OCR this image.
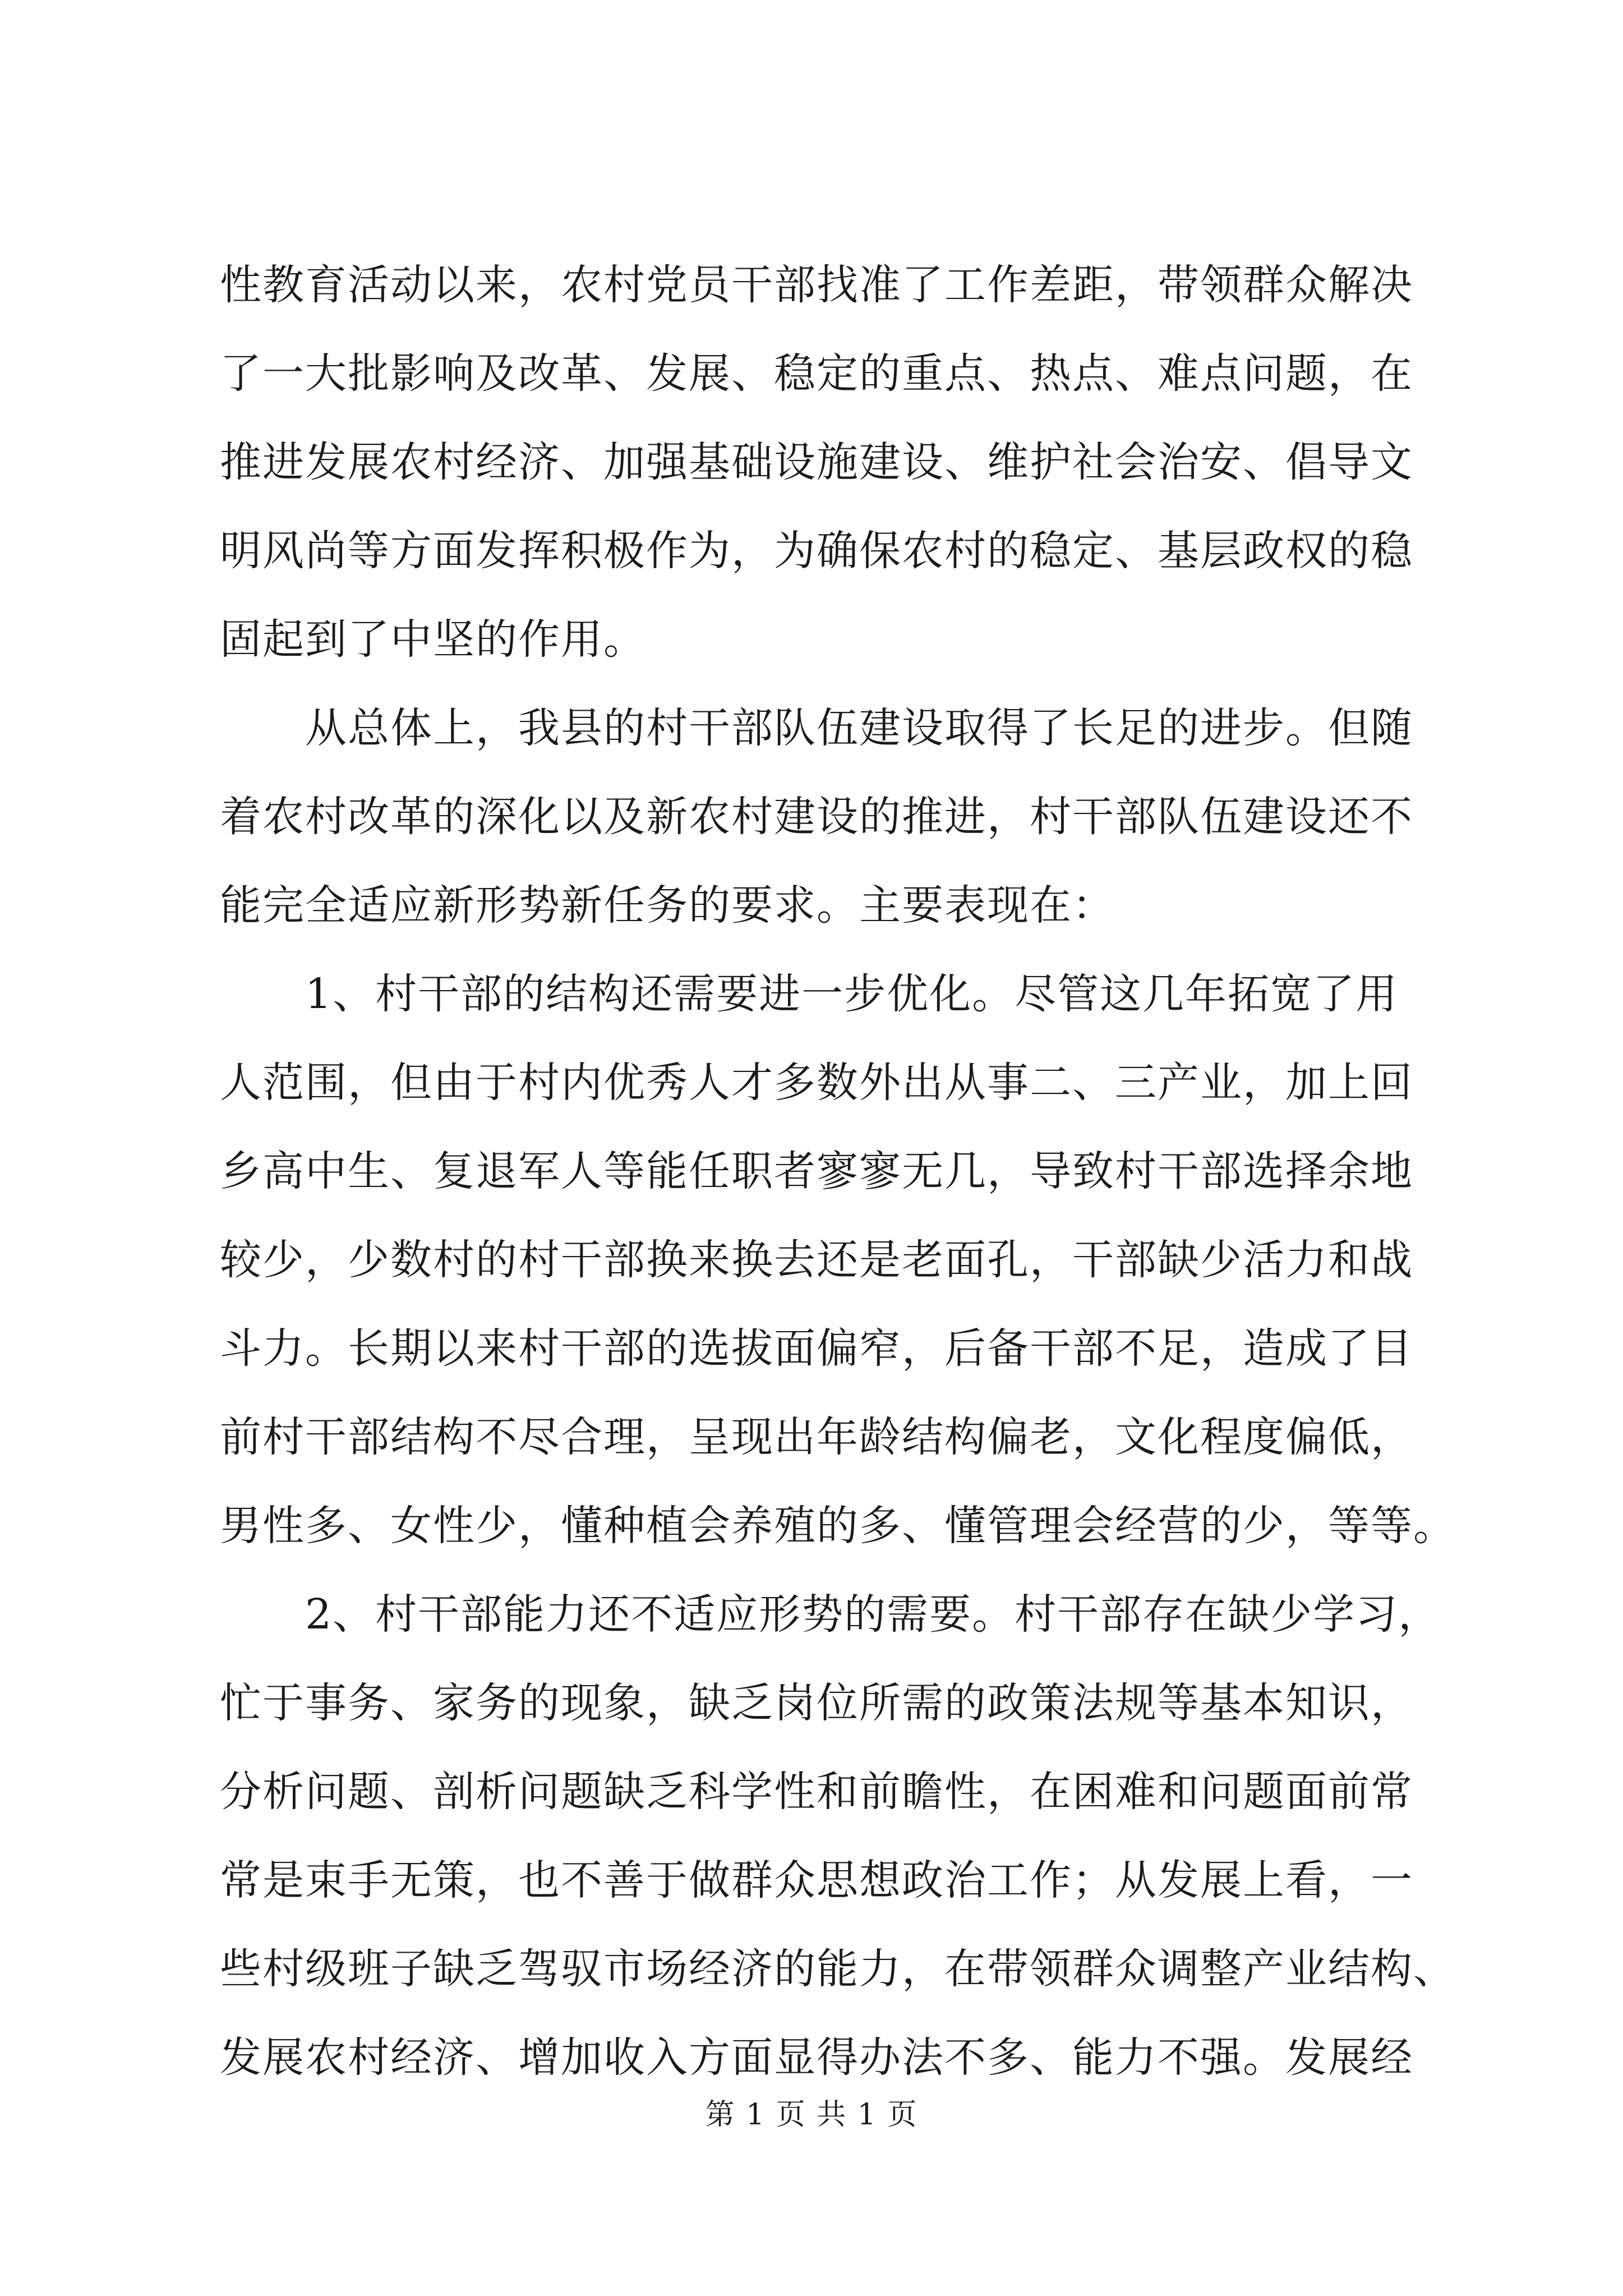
性教育活动以来，农村党员干部找准了工作差距，带领群众解决
了一大批影响及改革、发展、稳定的重点、热点、难点问题，在
推进发展农村经济、加强基础设施建设、维护社会治安、倡导文
明风尚等方面发挥积极作为，为确保农村的稳定、基层政权的稳
固起到了中坚的作用。
从总体上，我县的村干部队伍建设取得了长足的进步。但随
着农村改革的深化以及新农村建设的推进，村干部队伍建设还不
能完全适应新形势新任务的要求。主要表现在：
1、村干部的结构还需要进一步优化。尽管这几年拓宽了用
人范围，但由于村内优秀人才多数外出从事二、三产业，加上回
乡高中生、复退军人等能任职者寥寥无几，导致村干部选择余地
较少，少数村的村干部换来换去还是老面孔，干部缺少活力和战
斗力。长期以来村干部的选拔面偏窄，后备干部不足，造成了目
前村干部结构不尽合理，呈现出年龄结构偏老，文化程度偏低，
男性多、女性少，懂种植会养殖的多、懂管理会经营的少，等等。
2、村干部能力还不适应形势的需要。村干部存在缺少学习，
忙于事务、家务的现象，缺乏岗位所需的政策法规等基本知识，
分析问题、剖析问题缺乏科学性和前瞻性，在困难和问题面前常
常是束手无策，也不善于做群众思想政治工作；从发展上看，一
些村级班子缺乏驾驭市场经济的能力，在带领群众调整产业结构、
发展农村经济、增加收入方面显得办法不多、能力不强。发展经
第 1 页 共 1 页
